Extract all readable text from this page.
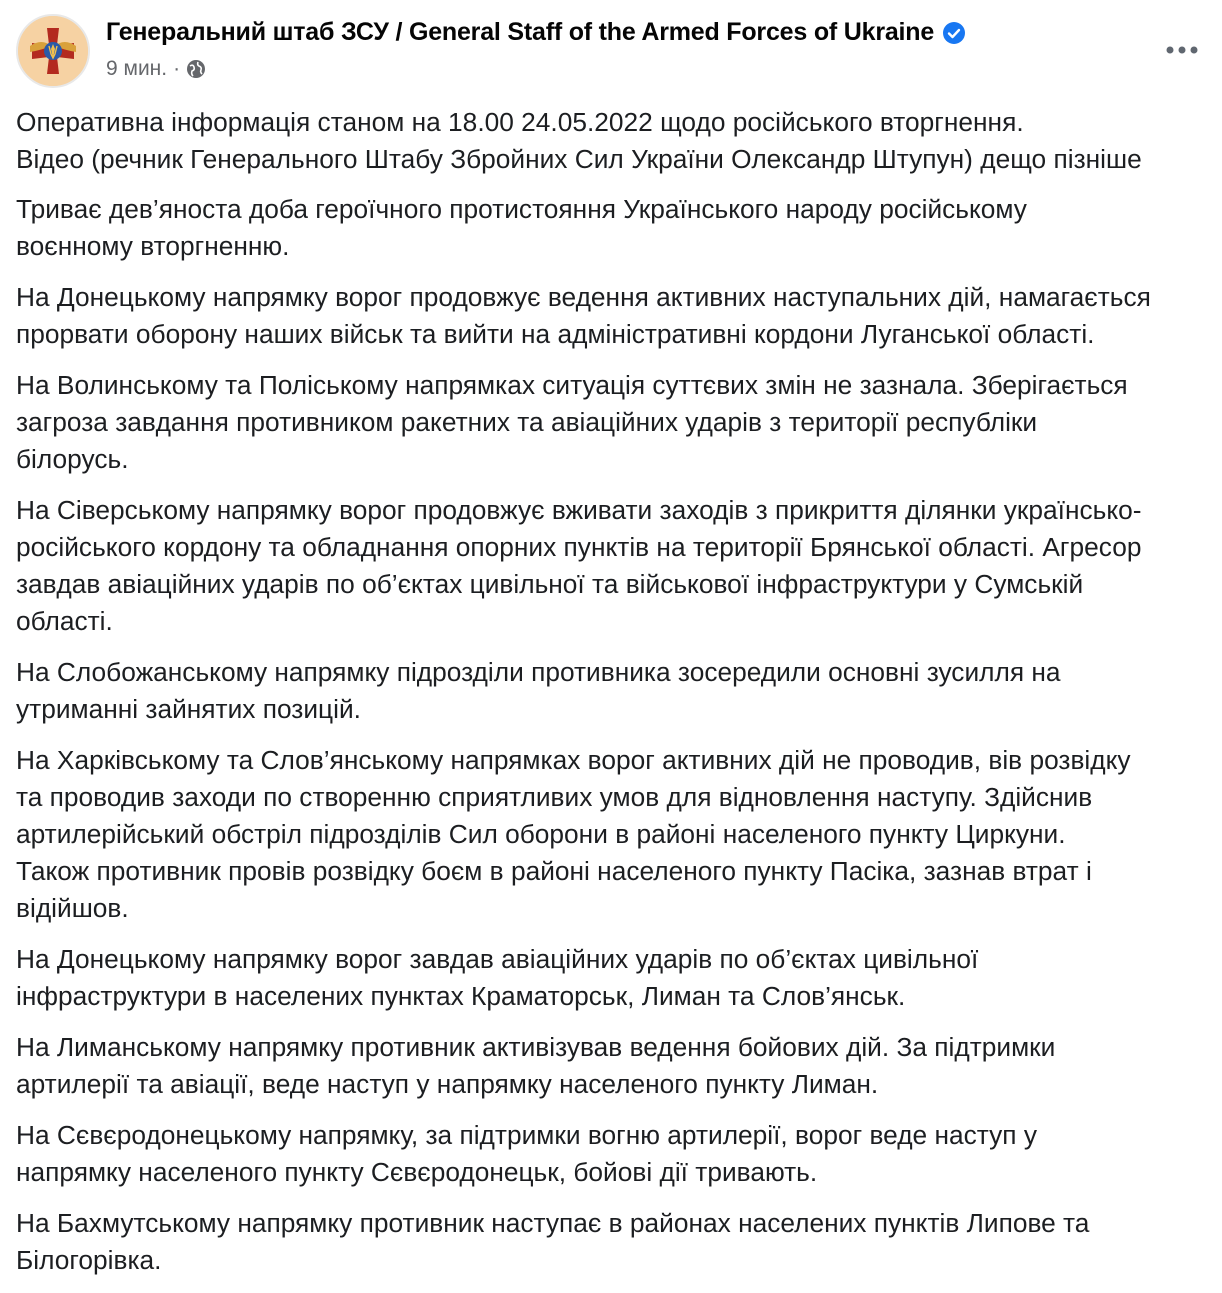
Генеральний штаб ЗСУ / General Staff of the Armed Forces of Ukraine
9 мин. ·

Оперативна інформація станом на 18.00 24.05.2022 щодо російського вторгнення.
Відео (речник Генерального Штабу Збройних Сил України Олександр Штупун) дещо пізніше

Триває дев’яноста доба героїчного протистояння Українського народу російському
воєнному вторгненню.

На Донецькому напрямку ворог продовжує ведення активних наступальних дій, намагається
прорвати оборону наших військ та вийти на адміністративні кордони Луганської області.

На Волинському та Поліському напрямках ситуація суттєвих змін не зазнала. Зберігається
загроза завдання противником ракетних та авіаційних ударів з території республіки
білорусь.

На Сіверському напрямку ворог продовжує вживати заходів з прикриття ділянки українсько-
російського кордону та обладнання опорних пунктів на території Брянської області. Агресор
завдав авіаційних ударів по об’єктах цивільної та військової інфраструктури у Сумській
області.

На Слобожанському напрямку підрозділи противника зосередили основні зусилля на
утриманні зайнятих позицій.

На Харківському та Слов’янському напрямках ворог активних дій не проводив, вів розвідку
та проводив заходи по створенню сприятливих умов для відновлення наступу. Здійснив
артилерійський обстріл підрозділів Сил оборони в районі населеного пункту Циркуни.
Також противник провів розвідку боєм в районі населеного пункту Пасіка, зазнав втрат і
відійшов.

На Донецькому напрямку ворог завдав авіаційних ударів по об’єктах цивільної
інфраструктури в населених пунктах Краматорськ, Лиман та Слов’янськ.

На Лиманському напрямку противник активізував ведення бойових дій. За підтримки
артилерії та авіації, веде наступ у напрямку населеного пункту Лиман.

На Сєвєродонецькому напрямку, за підтримки вогню артилерії, ворог веде наступ у
напрямку населеного пункту Сєвєродонецьк, бойові дії тривають.

На Бахмутському напрямку противник наступає в районах населених пунктів Липове та
Білогорівка.
